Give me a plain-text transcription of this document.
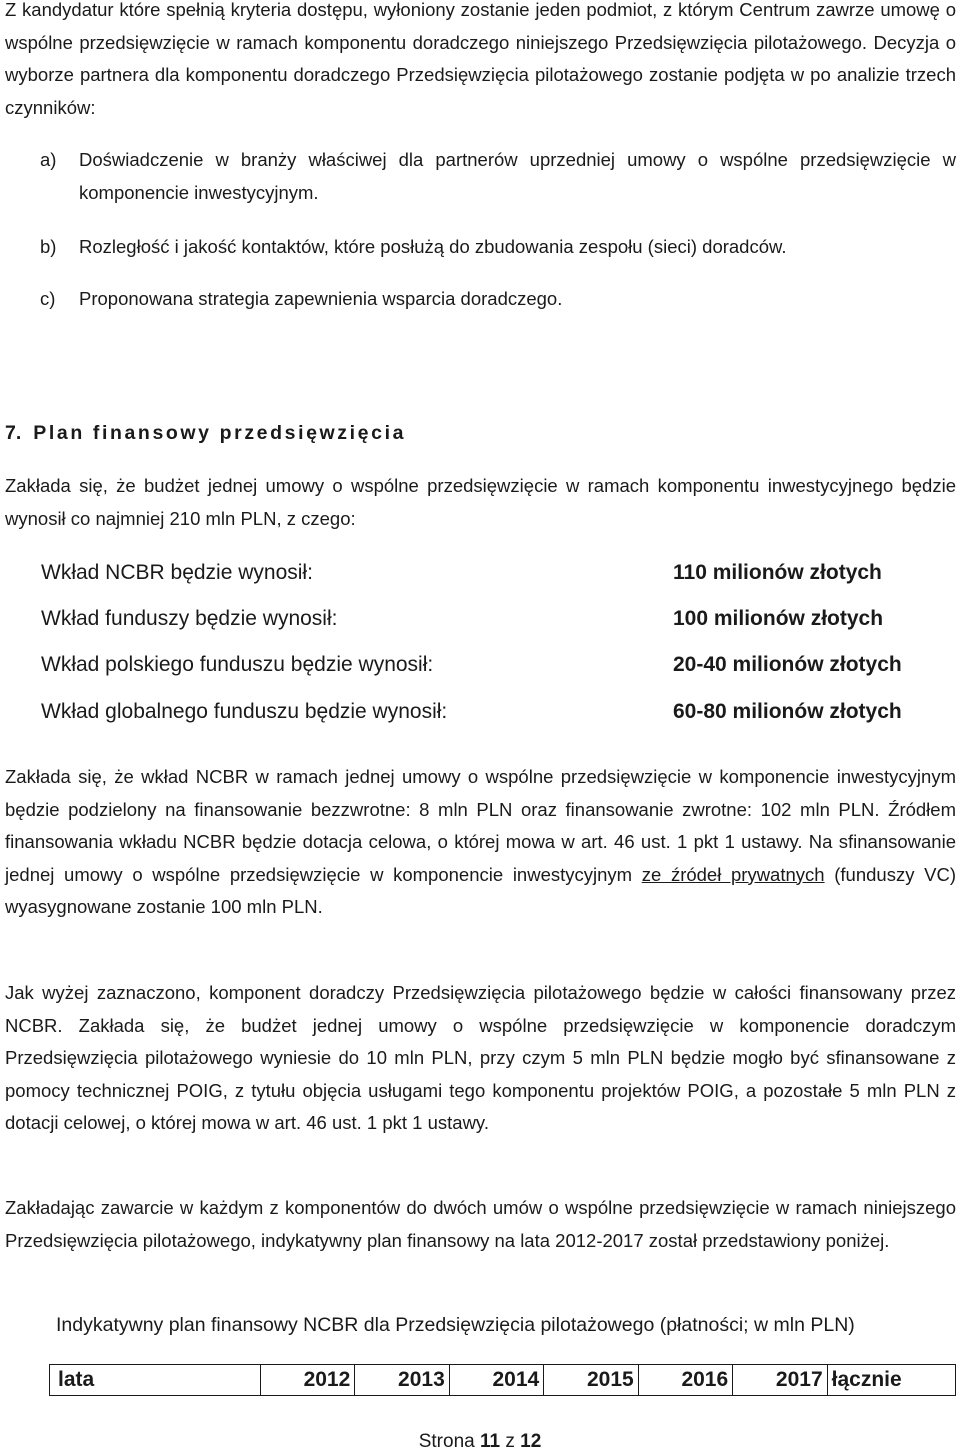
Z kandydatur które spełnią kryteria dostępu, wyłoniony zostanie jeden podmiot, z którym Centrum zawrze umowę o wspólne przedsięwzięcie w ramach komponentu doradczego niniejszego Przedsięwzięcia pilotażowego. Decyzja o wyborze partnera dla komponentu doradczego Przedsięwzięcia pilotażowego zostanie podjęta w po analizie trzech czynników:

a) Doświadczenie w branży właściwej dla partnerów uprzedniej umowy o wspólne przedsięwzięcie w komponencie inwestycyjnym.

b) Rozległość i jakość kontaktów, które posłużą do zbudowania zespołu (sieci) doradców.

c) Proponowana strategia zapewnienia wsparcia doradczego.

7. Plan finansowy przedsięwzięcia

Zakłada się, że budżet jednej umowy o wspólne przedsięwzięcie w ramach komponentu inwestycyjnego będzie wynosił co najmniej 210 mln PLN, z czego:

Wkład NCBR będzie wynosił:	110 milionów złotych
Wkład funduszy będzie wynosił:	100 milionów złotych
Wkład polskiego funduszu będzie wynosił:	20-40 milionów złotych
Wkład globalnego funduszu będzie wynosił:	60-80 milionów złotych

Zakłada się, że wkład NCBR w ramach jednej umowy o wspólne przedsięwzięcie w komponencie inwestycyjnym będzie podzielony na finansowanie bezzwrotne: 8 mln PLN oraz finansowanie zwrotne: 102 mln PLN. Źródłem finansowania wkładu NCBR będzie dotacja celowa, o której mowa w art. 46 ust. 1 pkt 1 ustawy. Na sfinansowanie jednej umowy o wspólne przedsięwzięcie w komponencie inwestycyjnym ze źródeł prywatnych (funduszy VC) wyasygnowane zostanie 100 mln PLN.

Jak wyżej zaznaczono, komponent doradczy Przedsięwzięcia pilotażowego będzie w całości finansowany przez NCBR. Zakłada się, że budżet jednej umowy o wspólne przedsięwzięcie w komponencie doradczym Przedsięwzięcia pilotażowego wyniesie do 10 mln PLN, przy czym 5 mln PLN będzie mogło być sfinansowane z pomocy technicznej POIG, z tytułu objęcia usługami tego komponentu projektów POIG, a pozostałe 5 mln PLN z dotacji celowej, o której mowa w art. 46 ust. 1 pkt 1 ustawy.

Zakładając zawarcie w każdym z komponentów do dwóch umów o wspólne przedsięwzięcie w ramach niniejszego Przedsięwzięcia pilotażowego, indykatywny plan finansowy na lata 2012-2017 został przedstawiony poniżej.

Indykatywny plan finansowy NCBR dla Przedsięwzięcia pilotażowego (płatności; w mln PLN)
lata	2012	2013	2014	2015	2016	2017	łącznie
Strona 11 z 12
